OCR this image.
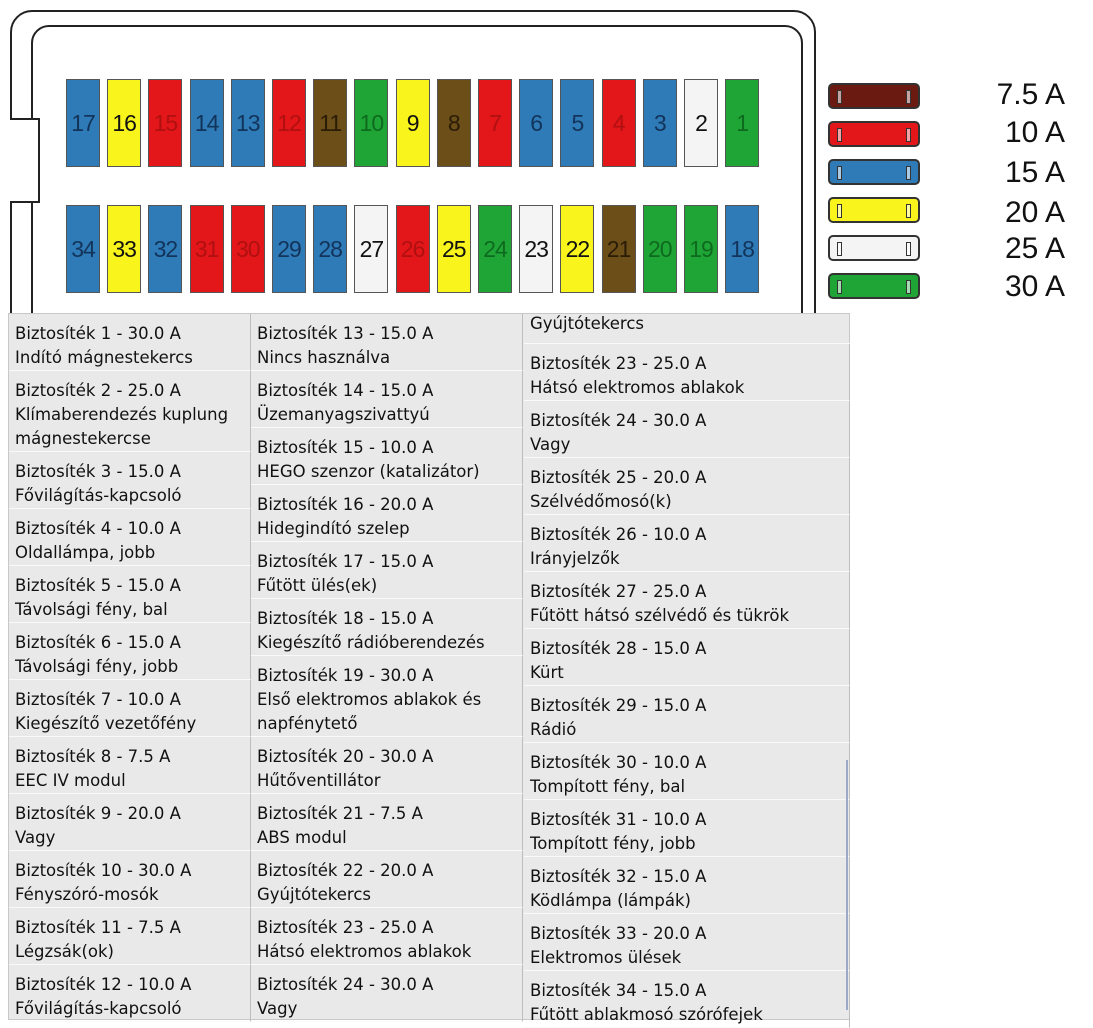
17 16 15 14 13 12 11 10	9	8	7	6	5	4	3	2	1
34 33 32 31 30 29 28 27 26 25 24 23 22 21 20 19 18
7.5 A
10 A
15 A
20 A
25 A
30 A
Biztosíték 1 - 30.0 A
Indító mágnestekercs
Biztosíték 2 - 25.0 A
Klímaberendezés kuplung
mágnestekercse
Biztosíték 3 - 15.0 A
Fővilágítás-kapcsoló
Biztosíték 4 - 10.0 A
Oldallámpa, jobb
Biztosíték 5 - 15.0 A
Távolsági fény, bal
Biztosíték 6 - 15.0 A
Távolsági fény, jobb
Biztosíték 7 - 10.0 A
Kiegészítő vezetőfény
Biztosíték 8 - 7.5 A
EEC IV modul
Biztosíték 9 - 20.0 A
Vagy
Biztosíték 10 - 30.0 A
Fényszóró-mosók
Biztosíték 11 - 7.5 A
Légzsák(ok)
Biztosíték 12 - 10.0 A
Fővilágítás-kapcsoló
Biztosíték 13 - 15.0 A
Nincs használva
Biztosíték 14 - 15.0 A
Üzemanyagszivattyú
Biztosíték 15 - 10.0 A
HEGO szenzor (katalizátor)
Biztosíték 16 - 20.0 A
Hidegindító szelep
Biztosíték 17 - 15.0 A
Fűtött ülés(ek)
Biztosíték 18 - 15.0 A
Kiegészítő rádióberendezés
Biztosíték 19 - 30.0 A
Első elektromos ablakok és
napfénytető
Biztosíték 20 - 30.0 A
Hűtőventillátor
Biztosíték 21 - 7.5 A
ABS modul
Biztosíték 22 - 20.0 A
Gyújtótekercs
Biztosíték 23 - 25.0 A
Hátsó elektromos ablakok
Biztosíték 24 - 30.0 A
Vagy
Gyújtótekercs
Biztosíték 23 - 25.0 A
Hátsó elektromos ablakok
Biztosíték 24 - 30.0 A
Vagy
Biztosíték 25 - 20.0 A
Szélvédőmosó(k)
Biztosíték 26 - 10.0 A
Irányjelzők
Biztosíték 27 - 25.0 A
Fűtött hátsó szélvédő és tükrök
Biztosíték 28 - 15.0 A
Kürt
Biztosíték 29 - 15.0 A
Rádió
Biztosíték 30 - 10.0 A
Tompított fény, bal
Biztosíték 31 - 10.0 A
Tompított fény, jobb
Biztosíték 32 - 15.0 A
Ködlámpa (lámpák)
Biztosíték 33 - 20.0 A
Elektromos ülések
Biztosíték 34 - 15.0 A
Fűtött ablakmosó szórófejek
